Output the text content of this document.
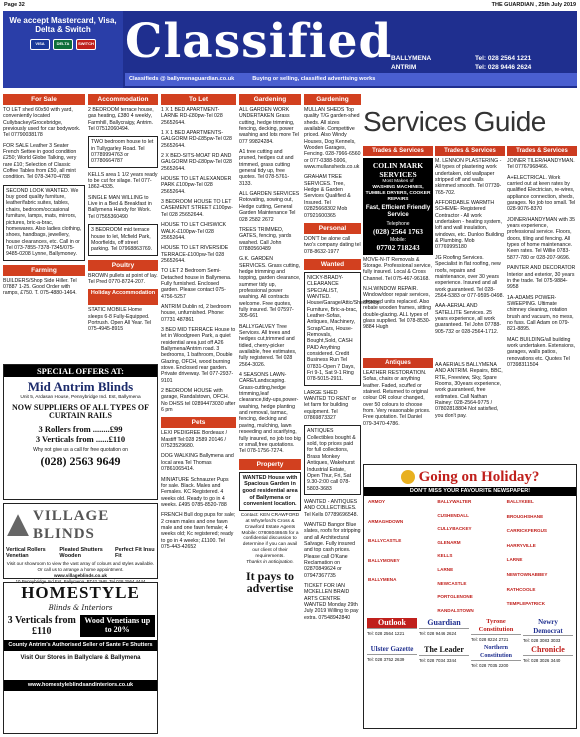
Page 32	THE GUARDIAN , 25th July 2019
We accept Mastercard, Visa, Delta & Switch
VISA	DELTA	SWITCH Classified
BALLYMENA	Tel: 028 2564 1221
ANTRIM	Tel: 028 9446 2624
Classifieds @ ballymenaguardian.co.uk	Buying or selling, classified advertising works
For Sale
TO LET shed 60x50 with yard, conveniently located Cullybackey/Grocebridge, previously used for car bodywork. Tel 07790038178
FOR SALE Leather 3 Seater French Settee in good condition £250; World Globe Talking, very rare £10; Selection of Classic Coffee Tables from £50, all mint condition. Tel 078-3470-4788
SECOND LOOK WANTED. We buy good quality furniture, leather/fabric suites, tables, chairs, bedroom/occasional furniture, lamps, mats, mirrors, pictures, bric-a-brac, homewares. Also ladies clothing, shoes, handbags, jewellery, house clearances, etc. Call in or Tel 073-7855-7378-7345/075-9485-0208 Lynne, Ballymoney.
Farming
BUILDERS/Shop Side Hiller. Tel 07887 1-25. Good Order with ramps, £750. T. 075-4880-1464.
Accommodation
2 BEDROOM terrace house, gas heating, £380 4 weekly, Farmhill, Ballycraigy, Antrim. Tel 07512060494.
TWO bedroom house to let in Tullygarley Road. Tel 07789994763 or 07780664787
KELLS area 1 1/2 years ready to be cut for silage. Tel 077-1862-4335.
SINGLE MAN WILLING to Live in a Bed & Breakfast in Ballymena Handy for Work. Tel 07565360490
3 BEDROOM mid terrace house to let, Mcfield Park, Moorfields, off street parking. Tel 07968863769.
Poultry
BROWN pullets at point of lay. Tel Pred 0770-8724-207.
Holiday Accommodation
STATIC MOBILE Home sleeps 6-8 Fully-Equipped. Portrush. Open All Year. Tel 075-4945-8915
SPECIAL OFFERS AT:
Mid Antrim Blinds
Unit 5, Ardasan House, Pennybridge Ind. Est, Ballymena
NOW SUPPLIERS OF ALL TYPES OF CURTAIN RAILS
3 Rollers from ........£99
3 Verticals from ......£110
Why not give us a call for free quotation on
(028) 2563 9649
VILLAGE BLINDS
Vertical Rollers Venetian
Pleated Shutters Wooden
Perfect Fit Insu Fit
Visit our showroom to view the vast array of colours and styles available. Or call us to arrange a home appointment.
www.villageblinds.co.uk
10 Pennybridge Ind Est, Ballymena. BT42 3HB. Tel 028 2564 4444
HOMESTYLE
Blinds & Interiors
3 Verticals from £110
Wood Venetians up to 20%
County Antrim's Authorised Seller of Sante Fe Shutters
Visit Our Stores in Ballyclare & Ballymena
www.homestyleblindsandinteriors.co.uk
To Let
1 X 1 BED APARTMENT-LARNE RD-£80pw-Tel 028 25652644.
1 X 1 BED APARTMENTS-GALGORM RD-£85pw-Tel 028 25652644.
2 X BED-SITS-MOAT RD AND GALGORM RD-£80pw-Tel 028 25652644.
HOUSE TO LET ALEXANDER PARK £100pw-Tel 028 25652644.
3 BEDROOM HOUSE TO LET CASEMENT STREET £100pw-Tel 028 25652644.
HOUSE TO LET CHISWICK WALK-£100pw-Tel 028 25652644.
HOUSE TO LET RIVERSIDE TERRACE-£100pw-Tel 028 25652644.
TO LET 2 Bedroom Semi-Detached house in Ballymena. Fully furnished. Enclosed garden. Please contact 075-4756-5257
ANTRIM Dublin rd, 2 bedroom house, unfurnished. Phone: 07731 487861
3 BED MID TERRACE House to let in Woodgreen Park, a quiet residential area just off A26 Ballymena/Antrim road. 3 bedrooms, 1 bathroom, Double Glazing, OFCH, wood burning stove. Enclosed rear garden. Private driveway. Tel 077-2937-9101
2 BEDROOM HOUSE with garage, Randalstown, OFCH. No DHSS tel 02894473030 after 6 pm
Pets
LEXI PEDIGREE Bordeaux / Mastiff Tel:028 2589 20146 / 07523529680.
DOG WALKING Ballymena and local area Tel Thomas 07861065414.
MINIATURE Schnauzer Pups for sale. Black. Males and Females. KC Registered. 4 weeks old. Ready to go in 4 weeks. £495 0785-8520-788
FRENCH Bull dog pups for sale; 2 cream males and one fawn male and one fawn female; 4 weeks old; Kc registered; ready to go in 4 weeks; £1100. Tel 075-443-42652
Gardening
ALL GARDEN WORK UNDERTAKEN Grass cutting, hedge trimming, fencing, decking, power washing and lots more Tel 077 99824284.
A1 tree cutting and pruned, hedges cut and trimmed, grass cutting general tidy up, free quotes. Tel 078-5761-3133.
ALL GARDEN SERVICES Rotovating, sowing out, Hedge cutting, General Garden Maintenance Tel 028 2582 2672
TREES TRIMMED, GATES, fencing, yards washed. Call John 07880560489
G.K. GARDEN SERVICES. Grass cutting, hedge trimming and topping, garden clearance, summer tidy up, professional power washing. All contracts welcome. Free quotes, fully insured. Tel 07597-305-661
BALLYGALVEY Tree Services. All trees and hedges cut,trimmed and tidied, cherry-picker available, free estimates, fully registered. Tel 028 2564-3026.
4 SEASONS LAWN-CARE/Landscaping. Grass-cutting,hedge trimming,leaf clearance,tidy-ups,power-washing, hedge planting and removal, tarmac, fencing, decking and paving, mulching, lawn reseeding and scarifying, fully insured, no job too big or small,free quotations. Tel 078-1756-7274.
Property
WANTED House with Spacious Garden in good residential area of Ballymena or convenient location.
Contact: KEN CRAWFORD at Whyteford's Cross & Crawford Estate Agents Mobile: 07808048645 for a confidential discussion to determine if you can avail our client of their requirements.
Thanks in anticipation.
It pays to advertise
Gardening
MULLAN SHEDS Top quality T/G garden-shed sheds. All sizes available. Competitive priced. Also Windy Houses, Dog Kennels, Wooden Garages, Fencing. 028-7966-6560 or 077-0388-5906, www.mullansheds.co.uk
GRAHAM TREE SERVICES. Tree, Hedge & Garden Services Qualified & Insured. Tel 02825668302 Mob 07921600365
Personal
DON'T be alone call two's company dating tel 078-8632-1977
Wanted
NICKY-BRADY-CLEARANCE SPECIALIST, WANTED. House/Garage/Attic/Shed/Shop. Furniture, Bric-a-brac, Leather-Sofas, Antiques, Machinery, Scrap/Cars, House-Removals, Bought,Sold, CASH PAID Anything considered. Credit Business Run Tel 07831-Open 7 Days, Fri 9-1, Sat 9-1 Ring 078-5015-2911.
LARGE SHED WANTED TO RENT or let farm for building equipment. Tel 07869873327
ANTIQUES Collectibles bought & sold, top prices paid for full collections, Brass Monkey Antiques, Wakehurst Industrial Estate, Open Thur, Fri, Sat 9.30-2:00 call 078-5803-3683
WANTED - ANTIQUES AND COLLECTIBLES. Tel Kells 07789696548.
WANTED Bangor Blue slates, roofs for stripping and all Architectural Salvage. Fully insured and top cash prices. Please call O'Kane Reclamation on 02870849624 or 07947367735
TICKET FOR IAN MCKELLEN BRAID ARTS CENTRE WANTED Monday 29th July 2019 Willing to pay extra. 07548942840
Services Guide
Trades & Services
COLIN MARK SERVICES
Most Makes of
WASHING MACHINES, TUMBLE DRYERS, COOKER REPAIRS
Fast, Efficient Friendly Service
Telephone
(028) 2564 1763
Mobile:
07702 718243
MOVE-N-IT Removals & Storage. Professional service, fully insured. Local & Cross Channel. Tel 075-467-96168.
N.H.WINDOW REPAIR. Window/door repair services, steamed units replaced. Also rebate wooden frames, sitting double-glazing. ALL types of glass supplied. Tel 078-8530-9884 Hugh
Trades & Services
M. LENNON PLASTERING - All types of plastering work undertaken, old wallpaper stripped off and walls skimmed smooth. Tel 07739-765-702.
AFFORDABLE WARMTH SCHEME- Registered Contractor - All work undertaken - heating system, loft and wall insulation, windows, etc. Dunloo Building & Plumbing. Mob 07769995180
JG Roofing Services. Specialist in flat roofing, new roofs, repairs and maintenance, over 30 years experience. Insured and all work guaranteed. Tel 028-2564-5383 or 077-9595-0498.
AAA-AERIAL AND SATELLITE Services. 25 years experience, all work guaranteed. Tel John 07788-905-732 or 028-2564-1712.
Antiques
LEATHER RESTORATION. Sofas, chairs or anything leather. Faded, scuffed or stained. Returned to original colour OR colour changed, over 50 colours to choose from. Very reasonable prices. Free quotation. Tel Daniel 079-3470-4786.
AA AERIALS BALLYMENA AND ANTRIM. Repairs, BBC, RTE, Freeview, Sky, Spare Rooms, 30years experience, work guaranteed, free estimates. Call Nathan Rainey: 028-2564-9775 / 07802818804 Not satisfied, you don't pay.
Trades & Services
JOINER TILER/HANDYMAN. Tel 07767968466.
A+ELECTRICAL. Work carried out at keen rates by qualified Electrician, re-wires, appliance connection, sheds, garages. No job too small. Tel 028-9076-8370
JOINER/HANDYMAN with 35 years experience, professional service. Floors, doors, tiling and fencing. All types of home maintenance. Keen rates. Tel Willie 0783-5877-780 or 028-207-9696.
PAINTER AND DECORATOR Interior and exterior, 30 years in the trade. Tel 075-9884-9958
1A-ADAMS POWER-SWEEPING. Ultimate chimney cleaning, rotation brush and vacuum, no mess, no fuss. Call Adam on 079-821-8895.
MAC BUILDING/all building work undertaken. Extensions, garages, walls patios, renovations etc. Quotes Tel 07398311504
Going on Holiday?
DON'T MISS YOUR FAVOURITE NEWSPAPER!
ARMOY
ARMAGHDOWN
BALLYCASTLE
BALLYMONEY
BALLYMENA
BALLYWALTER
CUSHENDALL
CULLYBACKEY
GLENARM
KELLS
LARNE
NEWCASTLE
PORTGLENONE
RANDALSTOWN
BALLYKEEL
BROUGHSHANE
CARRICKFERGUS
HARRYVILLE
LARNE
NEWTOWNABBEY
RATHCOOLE
TEMPLEPATRICK
Outlook
Tel: 028 2564 1221
Guardian
Tel: 028 9446 2624
Tyrone Constitution
Tel: 028 8224 2721
Newry Democrat
Tel: 028 3083 3033
Ulster Gazette
Tel: 028 3752 2639
The Leader
Tel: 028 7034 3344
Northern Constitution
Tel: 028 7035 2200
Chronicle
Tel: 028 3026 3440
